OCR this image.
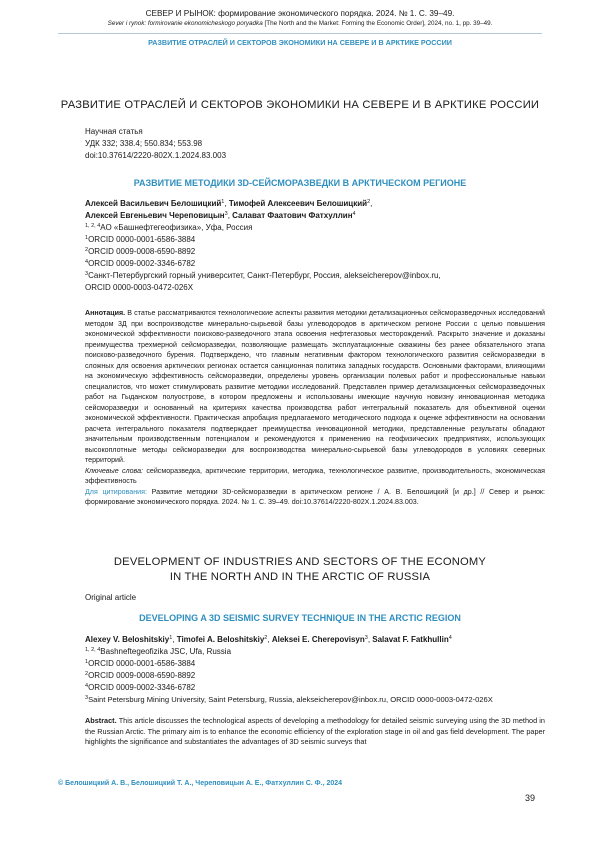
СЕВЕР И РЫНОК: формирование экономического порядка. 2024. № 1. С. 39–49.
Sever i rynok: formirovanie ekonomicheskogo poryadka [The North and the Market: Forming the Economic Order], 2024, no. 1, pp. 39–49.
РАЗВИТИЕ ОТРАСЛЕЙ И СЕКТОРОВ ЭКОНОМИКИ НА СЕВЕРЕ И В АРКТИКЕ РОССИИ
РАЗВИТИЕ ОТРАСЛЕЙ И СЕКТОРОВ ЭКОНОМИКИ НА СЕВЕРЕ И В АРКТИКЕ РОССИИ
Научная статья
УДК 332; 338.4; 550.834; 553.98
doi:10.37614/2220-802X.1.2024.83.003
РАЗВИТИЕ МЕТОДИКИ 3D-СЕЙСМОРАЗВЕДКИ В АРКТИЧЕСКОМ РЕГИОНЕ
Алексей Васильевич Белошицкий$^1$, Тимофей Алексеевич Белошицкий$^2$,
Алексей Евгеньевич Череповицын$^3$, Салават Фаатович Фатхуллин$^4$
$^{1, 2, 4}$АО «Башнефтегеофизика», Уфа, Россия
$^1$ORCID 0000-0001-6586-3884
$^2$ORCID 0009-0008-6590-8892
$^4$ORCID 0009-0002-3346-6782
$^3$Санкт-Петербургский горный университет, Санкт-Петербург, Россия, alekseicherepov@inbox.ru,
ORCID 0000-0003-0472-026X
Аннотация. В статье рассматриваются технологические аспекты развития методики детализационных сейсморазведочных исследований методом 3Д при воспроизводстве минерально-сырьевой базы углеводородов в арктическом регионе России с целью повышения экономической эффективности поисково-разведочного этапа освоения нефтегазовых месторождений. Раскрыто значение и доказаны преимущества трехмерной сейсморазведки, позволяющие размещать эксплуатационные скважины без ранее обязательного этапа поисково-разведочного бурения. Подтверждено, что главным негативным фактором технологического развития сейсморазведки в сложных для освоения арктических регионах остается санкционная политика западных государств. Основными факторами, влияющими на экономическую эффективность сейсморазведки, определены уровень организации полевых работ и профессиональные навыки специалистов, что может стимулировать развитие методики исследований. Представлен пример детализационных сейсморазведочных работ на Гыданском полуострове, в котором предложены и использованы имеющие научную новизну инновационная методика сейсморазведки и основанный на критериях качества производства работ интегральный показатель для объективной оценки экономической эффективности. Практическая апробация предлагаемого методического подхода к оценке эффективности на основании расчета интегрального показателя подтверждает преимущества инновационной методики, представленные результаты обладают значительным производственным потенциалом и рекомендуются к применению на геофизических предприятиях, использующих высокоплотные методы сейсморазведки для воспроизводства минерально-сырьевой базы углеводородов в условиях северных территорий.
Ключевые слова: сейсморазведка, арктические территории, методика, технологическое развитие, производительность, экономическая эффективность
Для цитирования: Развитие методики 3D-сейсморазведки в арктическом регионе / А. В. Белошицкий [и др.] // Север и рынок: формирование экономического порядка. 2024. № 1. С. 39–49. doi:10.37614/2220-802X.1.2024.83.003.
DEVELOPMENT OF INDUSTRIES AND SECTORS OF THE ECONOMY
IN THE NORTH AND IN THE ARCTIC OF RUSSIA
Original article
DEVELOPING A 3D SEISMIC SURVEY TECHNIQUE IN THE ARCTIC REGION
Alexey V. Beloshitskiy$^1$, Timofei A. Beloshitskiy$^2$, Aleksei E. Cherepovisyn$^3$, Salavat F. Fatkhullin$^4$
$^{1, 2, 4}$Bashneftegeofizika JSC, Ufa, Russia
$^1$ORCID 0000-0001-6586-3884
$^2$ORCID 0009-0008-6590-8892
$^4$ORCID 0009-0002-3346-6782
$^3$Saint Petersburg Mining University, Saint Petersburg, Russia, alekseicherepov@inbox.ru, ORCID 0000-0003-0472-026X
Abstract. This article discusses the technological aspects of developing a methodology for detailed seismic surveying using the 3D method in the Russian Arctic. The primary aim is to enhance the economic efficiency of the exploration stage in oil and gas field development. The paper highlights the significance and substantiates the advantages of 3D seismic surveys that
© Белошицкий А. В., Белошицкий Т. А., Череповицын А. Е., Фатхуллин С. Ф., 2024
39
